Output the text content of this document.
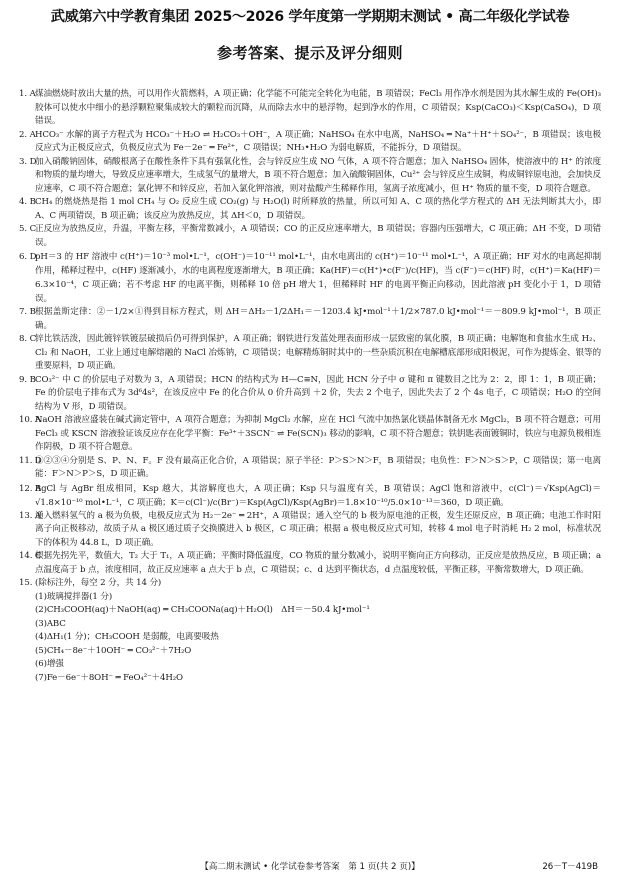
武威第六中学教育集团 2025～2026 学年度第一学期期末测试 • 高二年级化学试卷
参考答案、提示及评分细则

1. A 煤油燃烧时放出大量的热，可以用作火箭燃料，A 项正确；化学能不可能完全转化为电能，B 项错误；FeCl₃ 用作净水剂是因为其水解生成的 Fe(OH)₃ 胶体可以使水中细小的悬浮颗粒聚集成较大的颗粒而沉降，从而除去水中的悬浮物，起到净水的作用，C 项错误；Ksp(CaCO₃)＜Ksp(CaSO₄)，D 项错误。

2. A HCO₃⁻ 水解的离子方程式为 HCO₃⁻＋H₂O ⇌ H₂CO₃＋OH⁻，A 项正确；NaHSO₄ 在水中电离，NaHSO₄ ═ Na⁺＋H⁺＋SO₄²⁻，B 项错误；该电极反应式为正极反应式，负极反应式为 Fe－2e⁻ ═ Fe²⁺，C 项错误；NH₃•H₂O 为弱电解质，不能拆分，D 项错误。

3. D
加入硝酸钠固体，硝酸根离子在酸性条件下具有强氧化性，会与锌反应生成 NO 气体，A 项不符合题意；加入 NaHSO₄ 固体，使溶液中的 H⁺ 的浓度和物质的量均增大，导致反应速率增大，生成氢气的量增大，B 项不符合题意；加入硫酸铜固体，Cu²⁺ 会与锌反应生成铜，构成铜锌原电池，会加快反应速率，C 项不符合题意；氯化钾不和锌反应，若加入氯化钾溶液，则对盐酸产生稀释作用，氢离子浓度减小，但 H⁺ 物质的量不变，D 项符合题意。

4. B CH₄ 的燃烧热是指 1 mol CH₄ 与 O₂ 反应生成 CO₂(g) 与 H₂O(l) 时所释放的热量，所以可知 A、C 项的热化学方程式的 ΔH 无法判断其大小，即 A、C 两项错误，B 项正确；该反应为放热反应，其 ΔH＜0，D 项错误。

5. C
正反应为放热反应，升温，平衡左移，平衡常数减小，A 项错误；CO 的正反应速率增大，B 项错误；容器内压强增大，C 项正确；ΔH 不变，D 项错误。

6. D
pH＝3 的 HF 溶液中 c(H⁺)＝10⁻³ mol•L⁻¹，c(OH⁻)＝10⁻¹¹ mol•L⁻¹，由水电离出的 c(H⁺)＝10⁻¹¹ mol•L⁻¹，A 项正确；HF 对水的电离起抑制作用，稀释过程中，c(HF) 逐渐减小，水的电离程度逐渐增大，B 项正确；Ka(HF)＝c(H⁺)•c(F⁻)/c(HF)，当 c(F⁻)＝c(HF) 时，c(H⁺)＝Ka(HF)＝6.3×10⁻⁴，C 项正确；若不考虑 HF 的电离平衡，则稀释 10 倍 pH 增大 1，但稀释时 HF 的电离平衡正向移动，因此溶液 pH 变化小于 1，D 项错误。

7. B 根据盖斯定律：②－1/2×①得到目标方程式，则 ΔH＝ΔH₂－1/2ΔH₁＝－1203.4 kJ•mol⁻¹＋1/2×787.0 kJ•mol⁻¹＝－809.9 kJ•mol⁻¹，B 项正确。

8. C
锌比铁活泼，因此镀锌铁镀层破损后仍可得到保护，A 项正确；钢铁进行发蓝处理表面形成一层致密的氧化膜，B 项正确；电解饱和食盐水生成 H₂、Cl₂ 和 NaOH，工业上通过电解熔融的 NaCl 冶炼钠，C 项错误；电解精炼铜时其中的一些杂质沉积在电解槽底部形成阳极泥，可作为提炼金、银等的重要原料，D 项正确。

9. B CO₃²⁻ 中 C 的价层电子对数为 3，A 项错误；HCN 的结构式为 H—C≡N，因此 HCN 分子中 σ 键和 π 键数目之比为 2：2，即 1：1，B 项正确；Fe 的价层电子排布式为 3d⁶4s²，在该反应中 Fe 的化合价从 0 价升高到 ＋2 价，失去 2 个电子，因此失去了 2 个 4s 电子，C 项错误；H₂O 的空间结构为 V 形，D 项错误。

10. A
NaOH 溶液应盛装在碱式滴定管中，A 项符合题意；为抑制 MgCl₂ 水解，应在 HCl 气流中加热氯化镁晶体制备无水 MgCl₂，B 项不符合题意；可用 FeCl₃ 或 KSCN 溶液验证该反应存在化学平衡：Fe³⁺＋3SCN⁻ ⇌ Fe(SCN)₃ 移动的影响，C 项不符合题意；铁钥匙表面镀铜时，铁应与电源负极相连作阴极，D 项不符合题意。

11. D
①②③④分别是 S、P、N、F。F 没有最高正化合价，A 项错误；原子半径：P＞S＞N＞F，B 项错误；电负性：F＞N＞S＞P，C 项错误；第一电离能：F＞N＞P＞S，D 项正确。

12. B
AgCl 与 AgBr 组成相同，Ksp 越大，其溶解度也大，A 项正确；Ksp 只与温度有关，B 项错误；AgCl 饱和溶液中，c(Cl⁻)＝√Ksp(AgCl)＝√1.8×10⁻¹⁰ mol•L⁻¹，C 项正确；K＝c(Cl⁻)/c(Br⁻)＝Ksp(AgCl)/Ksp(AgBr)＝1.8×10⁻¹⁰/5.0×10⁻¹³＝360，D 项正确。

13. A
通入燃料氢气的 a 极为负极，电极反应式为 H₂－2e⁻ ═ 2H⁺，A 项错误；通入空气的 b 极为原电池的正极，发生还原反应，B 项正确；电池工作时阳离子向正极移动，故质子从 a 极区通过质子交换膜进入 b 极区，C 项正确；根据 a 极电极反应式可知，转移 4 mol 电子时消耗 H₂ 2 mol，标准状况下的体积为 44.8 L，D 项正确。

14. C
根据先拐先平，数值大，T₂ 大于 T₁，A 项正确；平衡时降低温度，CO 物质的量分数减小，说明平衡向正方向移动，正反应是放热反应，B 项正确；a 点温度高于 b 点，浓度相同，故正反应速率 a 点大于 b 点，C 项错误；c、d 达到平衡状态，d 点温度较低，平衡正移，平衡常数增大，D 项正确。

15. (除标注外，每空 2 分，共 14 分)

(1)玻璃搅拌器(1 分)

(2)CH₃COOH(aq)＋NaOH(aq) ═ CH₃COONa(aq)＋H₂O(l)　ΔH＝－50.4 kJ•mol⁻¹

(3)ABC

(4)ΔH₁(1 分)；CH₃COOH 是弱酸，电离要吸热

(5)CH₄－8e⁻＋10OH⁻ ═ CO₃²⁻＋7H₂O

(6)增强

(7)Fe－6e⁻＋8OH⁻ ═ FeO₄²⁻＋4H₂O

【高二期末测试 • 化学试卷参考答案　第 1 页(共 2 页)】	26－T－419B
